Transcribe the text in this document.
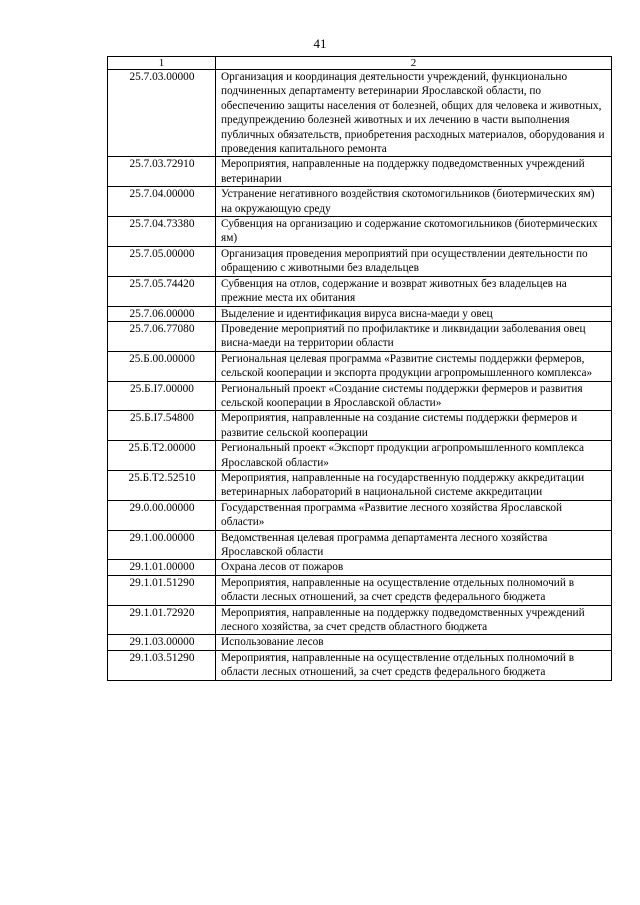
41
1	2
25.7.03.00000	Организация и координация деятельности учреждений, функционально подчиненных департаменту ветеринарии Ярославской области, по обеспечению защиты населения от болезней, общих для человека и животных, предупреждению болезней животных и их лечению в части выполнения публичных обязательств, приобретения расходных материалов, оборудования и проведения капитального ремонта
25.7.03.72910	Мероприятия, направленные на поддержку подведомственных учреждений ветеринарии
25.7.04.00000	Устранение негативного воздействия скотомогильников (биотермических ям) на окружающую среду
25.7.04.73380	Субвенция на организацию и содержание скотомогильников (биотермических ям)
25.7.05.00000	Организация проведения мероприятий при осуществлении деятельности по обращению с животными без владельцев
25.7.05.74420	Субвенция на отлов, содержание и возврат животных без владельцев на прежние места их обитания
25.7.06.00000	Выделение и идентификация вируса висна-маеди у овец
25.7.06.77080	Проведение мероприятий по профилактике и ликвидации заболевания овец висна-маеди на территории области
25.Б.00.00000	Региональная целевая программа «Развитие системы поддержки фермеров, сельской кооперации и экспорта продукции агропромышленного комплекса»
25.Б.I7.00000	Региональный проект «Создание системы поддержки фермеров и развития сельской кооперации в Ярославской области»
25.Б.I7.54800	Мероприятия, направленные на создание системы поддержки фермеров и развитие сельской кооперации
25.Б.Т2.00000	Региональный проект «Экспорт продукции агропромышленного комплекса Ярославской области»
25.Б.Т2.52510	Мероприятия, направленные на государственную поддержку аккредитации ветеринарных лабораторий в национальной системе аккредитации
29.0.00.00000	Государственная программа «Развитие лесного хозяйства Ярославской области»
29.1.00.00000	Ведомственная целевая программа департамента лесного хозяйства Ярославской области
29.1.01.00000	Охрана лесов от пожаров
29.1.01.51290	Мероприятия, направленные на осуществление отдельных полномочий в области лесных отношений, за счет средств федерального бюджета
29.1.01.72920	Мероприятия, направленные на поддержку подведомственных учреждений лесного хозяйства, за счет средств областного бюджета
29.1.03.00000	Использование лесов
29.1.03.51290	Мероприятия, направленные на осуществление отдельных полномочий в области лесных отношений, за счет средств федерального бюджета
